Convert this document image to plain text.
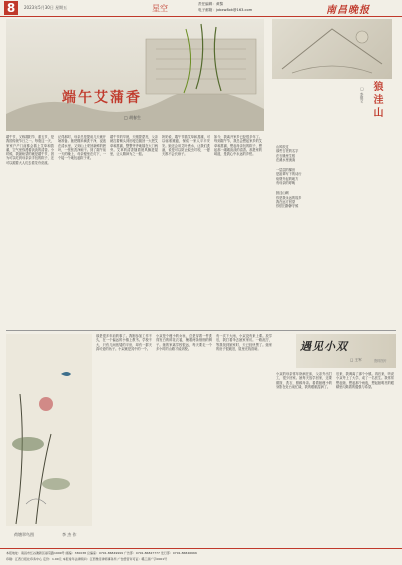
8	2023年5月30日 星期五	星空	责任编辑：黄黎
电子邮箱：jxbxw8xk@163.com	南昌晚报
端午艾蒲香
□ 胡春生	狼洼山
□ 李德义
山风吹过
那些古老的名字
在石缝里生根
在溪水里流淌
一层层的梯田
是祖辈写下的诗行
炊烟升起的地方
有母亲的呼唤
狼洼山啊
你是我永远的故乡
我在远方回望
你依旧静静守候
端午节，又称端阳节、重五节，是我国传统节日之一。每逢这一天，家家户户门前都会插上艾草和菖蒲，空气里弥漫着淡淡的清香。小时候，我最盼望的就是端午节，因为可以吃到母亲亲手包的粽子，还可以跟着大人们去看龙舟竞渡。
记得那时，母亲总是提前几天就开始准备。她把糯米淘洗干净，浸泡在清水里，又到山上采回新鲜的箬叶，一张张洗净晾干。到了端午前一天的晚上，母亲便坐在灯下，一个接一个地包起粽子来。
端午节的早晨，天刚蒙蒙亮，父亲就扛着锄头到田埂边割回一大把艾草和菖蒲，整整齐齐地插在大门两旁。艾草的清香随着晨风飘进屋里，让人精神为之一振。
奶奶说，端午节插艾草和菖蒲，可以驱邪避瘟，保佑一家人平平安安。她还会用艾叶煮水，让我们洗澡，说是可以防止蚊虫叮咬，一夏天都不会长痱子。
如今，我离开家乡已经很多年了。每到端午节，我总会想起家乡的艾草和菖蒲，想起母亲包的粽子，想起那一缕缕淡淡的清香。那是家的味道，是我心中永远的乡愁。
荷塘翠鸟图	李 杰 作
遇见小双
□ 王军	资料图片
那是很多年前的事了。我刚参加工作不久，在一个偏远的小镇上教书。学校不大，只有几间低矮的平房，却有一群天真可爱的孩子。小双就是其中的一个。
小双是个瘦小的女孩，总是穿着一件洗得发白的碎花衣裳，梳着两条细细的辫子。她的家离学校很远，每天要走一个多小时的山路才能到校。
有一次下大雨，小双没有来上课。放学后，我打着伞去她家家访。一路泥泞，等我找到她家时，天已经快黑了。她家的房子很破旧，屋里光线昏暗。
小双的母亲常年卧病在床，父亲外出打工，很少回家。她每天放学回家，还要做饭、洗衣、照顾母亲。看着她瘦小的身影在灶台前忙碌，我的眼眶湿润了。
后来，我调离了那个小镇。再后来，听说小双考上了大学，成了一名医生。我常常想起她，想起那个雨夜，想起她明亮的眼睛里闪烁着的倔强与希望。
本报地址：南昌市红谷滩新区丽景路1999号 邮编：330038 总编室：0791-86849999 广告部：0791-86847777 发行部：0791-86846666
印刷：江西日报社印务中心 定价：1.00元 本报常年法律顾问：江西豫章律师事务所 广告经营许可证：赣工商广字0001号
